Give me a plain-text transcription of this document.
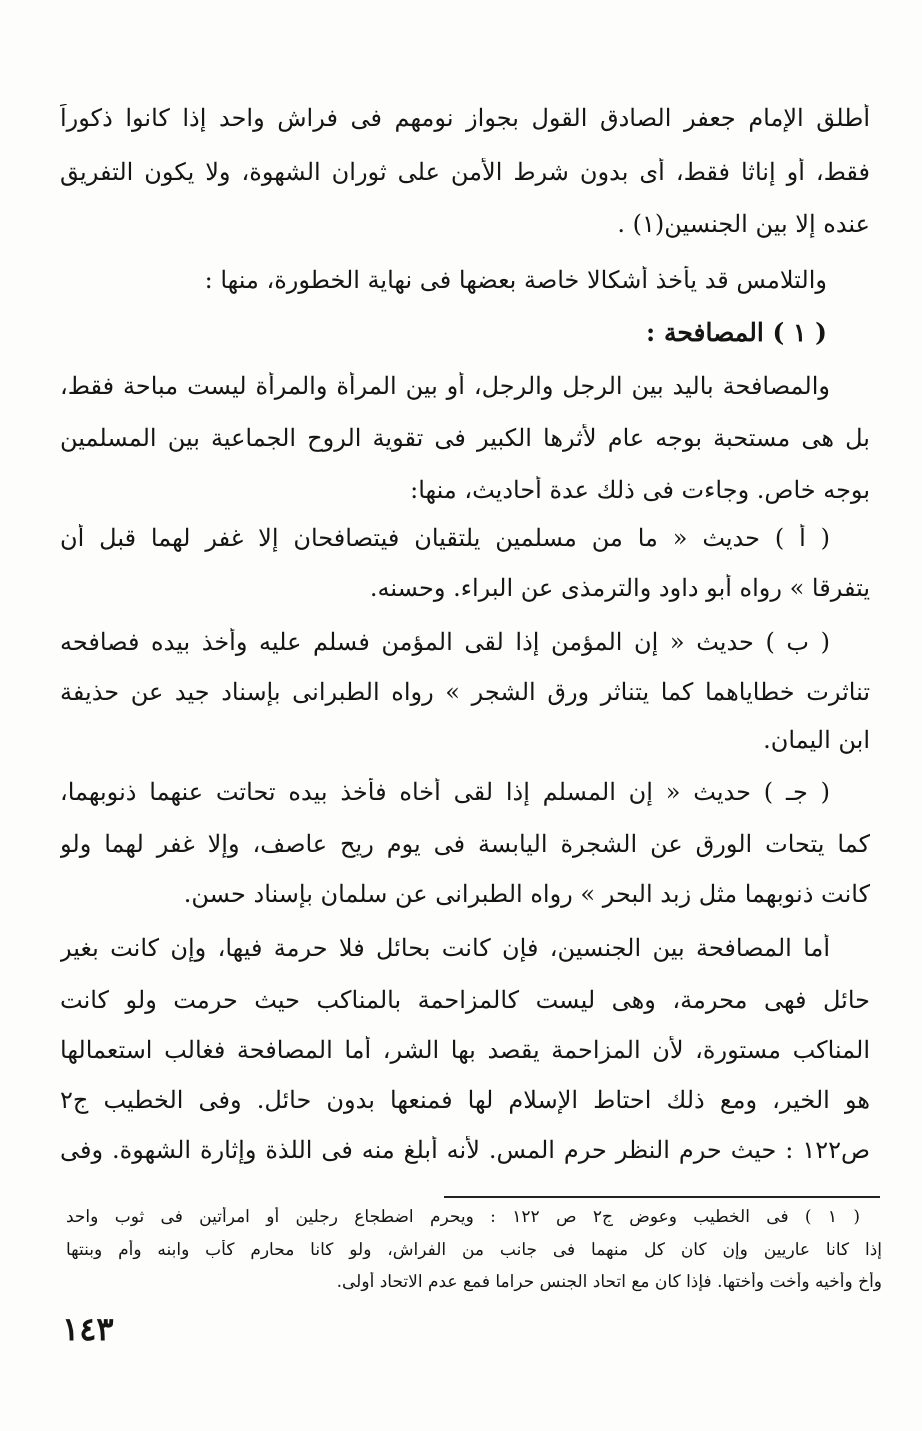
أطلق الإمام جعفر الصادق القول بجواز نومهم فى فراش واحد إذا كانوا ذكوراً
فقط، أو إناثا فقط، أى بدون شرط الأمن على ثوران الشهوة، ولا يكون التفريق
عنده إلا بين الجنسين(١) .
والتلامس قد يأخذ أشكالا خاصة بعضها فى نهاية الخطورة، منها :
( ١ ) المصافحة :
والمصافحة باليد بين الرجل والرجل، أو بين المرأة والمرأة ليست مباحة فقط،
بل هى مستحبة بوجه عام لأثرها الكبير فى تقوية الروح الجماعية بين المسلمين
بوجه خاص. وجاءت فى ذلك عدة أحاديث، منها:
( أ ) حديث « ما من مسلمين يلتقيان فيتصافحان إلا غفر لهما قبل أن
يتفرقا » رواه أبو داود والترمذى عن البراء. وحسنه.
( ب ) حديث « إن المؤمن إذا لقى المؤمن فسلم عليه وأخذ بيده فصافحه
تناثرت خطاياهما كما يتناثر ورق الشجر » رواه الطبرانى بإسناد جيد عن حذيفة
ابن اليمان.
( جـ ) حديث « إن المسلم إذا لقى أخاه فأخذ بيده تحاتت عنهما ذنوبهما،
كما يتحات الورق عن الشجرة اليابسة فى يوم ريح عاصف، وإلا غفر لهما ولو
كانت ذنوبهما مثل زبد البحر » رواه الطبرانى عن سلمان بإسناد حسن.
أما المصافحة بين الجنسين، فإن كانت بحائل فلا حرمة فيها، وإن كانت بغير
حائل فهى محرمة، وهى ليست كالمزاحمة بالمناكب حيث حرمت ولو كانت
المناكب مستورة، لأن المزاحمة يقصد بها الشر، أما المصافحة فغالب استعمالها
هو الخير، ومع ذلك احتاط الإسلام لها فمنعها بدون حائل. وفى الخطيب ج٢
ص١٢٢ : حيث حرم النظر حرم المس. لأنه أبلغ منه فى اللذة وإثارة الشهوة. وفى
( ١ ) فى الخطيب وعوض ج٢ ص ١٢٢ : ويحرم اضطجاع رجلين أو امرأتين فى ثوب واحد
إذا كانا عاريين وإن كان كل منهما فى جانب من الفراش، ولو كانا محارم كأب وابنه وأم وبنتها
وأخ وأخيه وأخت وأختها. فإذا كان مع اتحاد الجنس حراما فمع عدم الاتحاد أولى.
١٤٣
